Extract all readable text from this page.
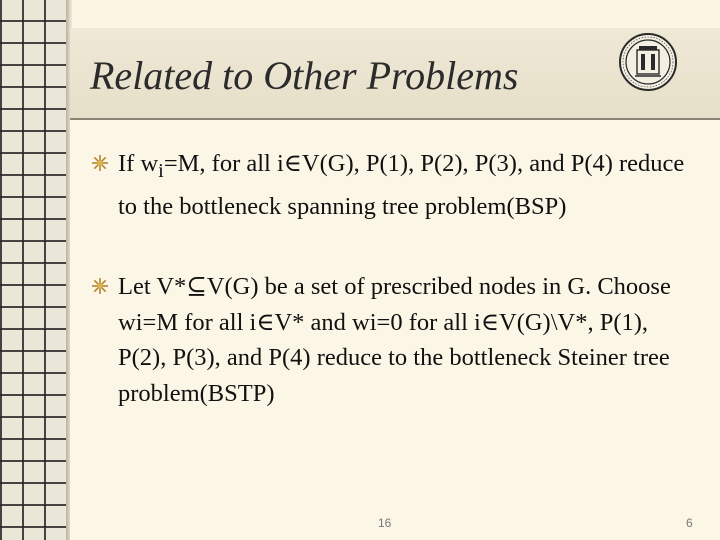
Related to Other Problems
If $w_i=M$, for all i∈V(G), P(1), P(2), P(3), and P(4) reduce to the bottleneck spanning tree problem(BSP)
Let V*⊆V(G) be a set of prescribed nodes in G. Choose wi=M for all i∈V* and wi=0 for all i∈V(G)\V*, P(1), P(2), P(3), and P(4) reduce to the bottleneck Steiner tree problem(BSTP)
16	6
